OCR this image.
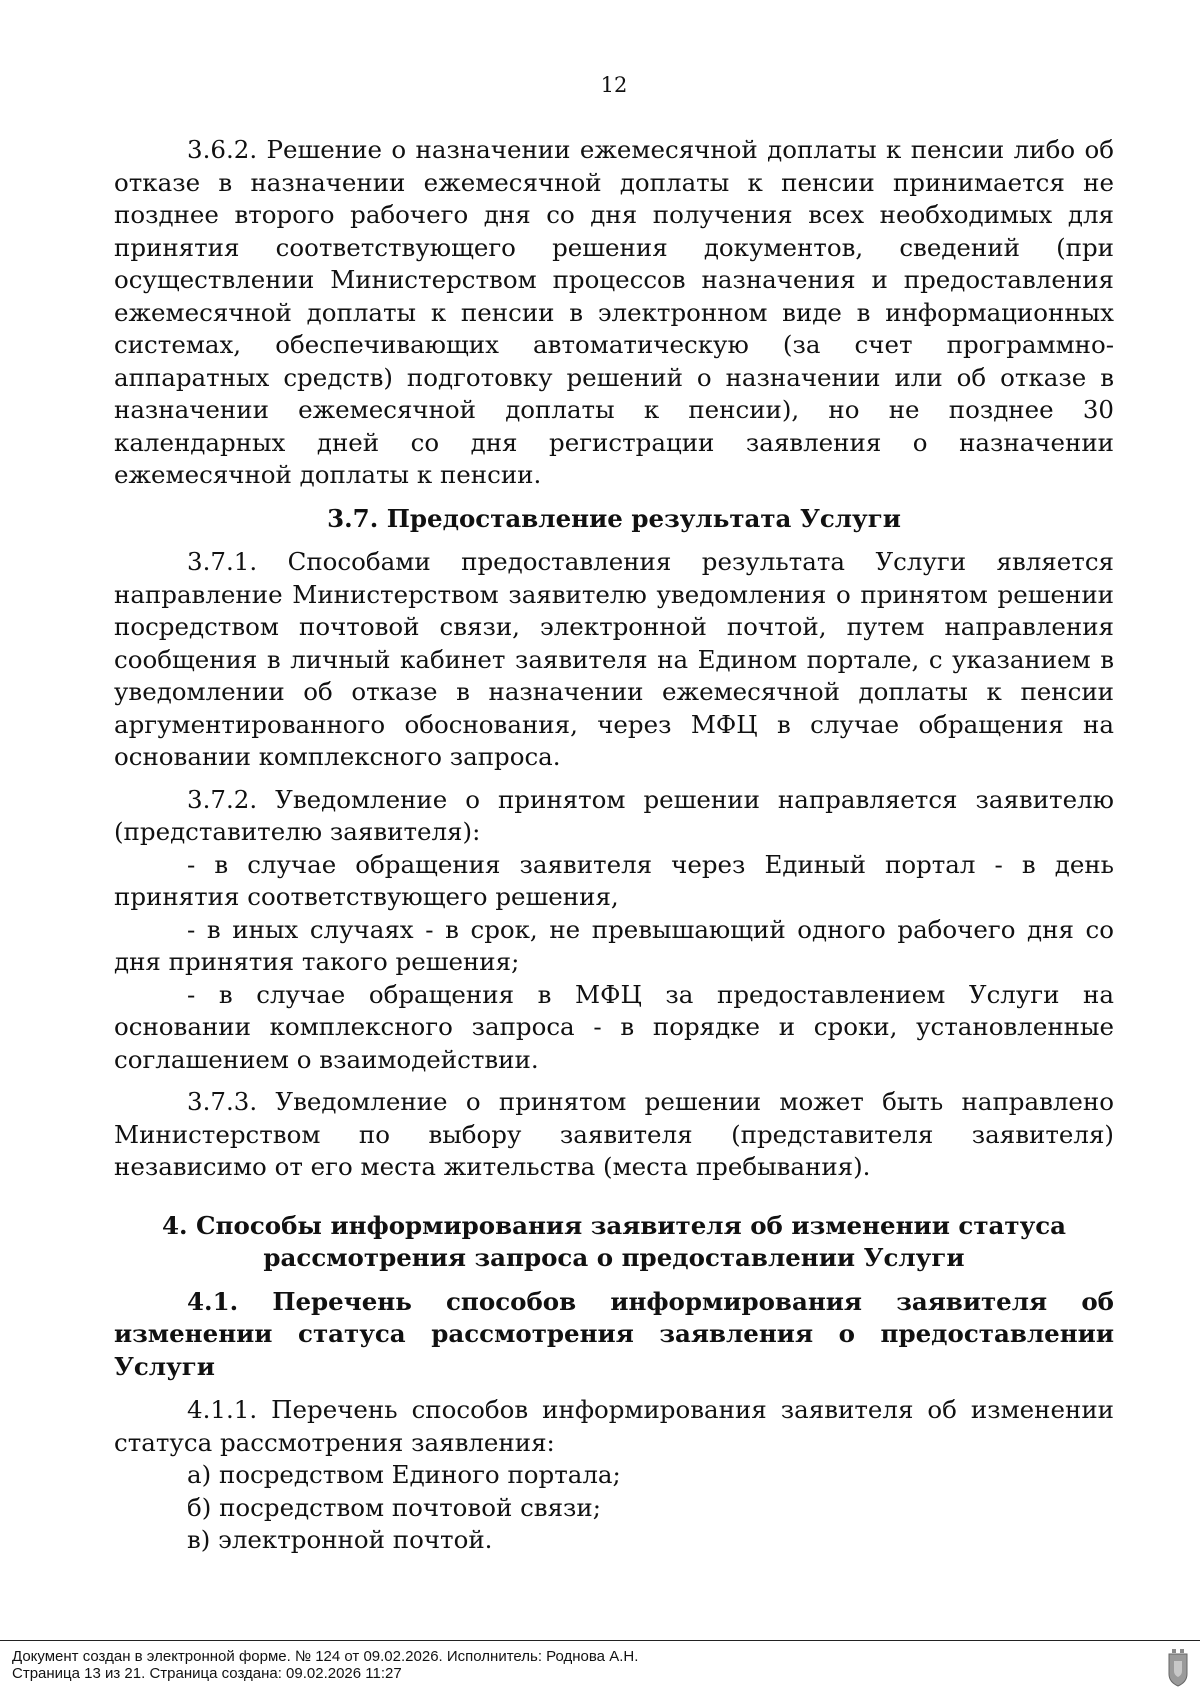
12

3.6.2. Решение о назначении ежемесячной доплаты к пенсии либо об отказе в назначении ежемесячной доплаты к пенсии принимается не позднее второго рабочего дня со дня получения всех необходимых для принятия соответствующего решения документов, сведений (при осуществлении Министерством процессов назначения и предоставления ежемесячной доплаты к пенсии в электронном виде в информационных системах, обеспечивающих автоматическую (за счет программно-аппаратных средств) подготовку решений о назначении или об отказе в назначении ежемесячной доплаты к пенсии), но не позднее 30 календарных дней со дня регистрации заявления о назначении ежемесячной доплаты к пенсии.

3.7. Предоставление результата Услуги

3.7.1. Способами предоставления результата Услуги является направление Министерством заявителю уведомления о принятом решении посредством почтовой связи, электронной почтой, путем направления сообщения в личный кабинет заявителя на Едином портале, с указанием в уведомлении об отказе в назначении ежемесячной доплаты к пенсии аргументированного обоснования, через МФЦ в случае обращения на основании комплексного запроса.

3.7.2. Уведомление о принятом решении направляется заявителю (представителю заявителя):

- в случае обращения заявителя через Единый портал - в день принятия соответствующего решения,

- в иных случаях - в срок, не превышающий одного рабочего дня со дня принятия такого решения;

- в случае обращения в МФЦ за предоставлением Услуги на основании комплексного запроса - в порядке и сроки, установленные соглашением о взаимодействии.

3.7.3. Уведомление о принятом решении может быть направлено Министерством по выбору заявителя (представителя заявителя) независимо от его места жительства (места пребывания).

4. Способы информирования заявителя об изменении статуса рассмотрения запроса о предоставлении Услуги

4.1. Перечень способов информирования заявителя об изменении статуса рассмотрения заявления о предоставлении Услуги

4.1.1. Перечень способов информирования заявителя об изменении статуса рассмотрения заявления:

а) посредством Единого портала;

б) посредством почтовой связи;

в) электронной почтой.

Документ создан в электронной форме. № 124 от 09.02.2026. Исполнитель: Роднова А.Н.
Страница 13 из 21. Страница создана: 09.02.2026 11:27
